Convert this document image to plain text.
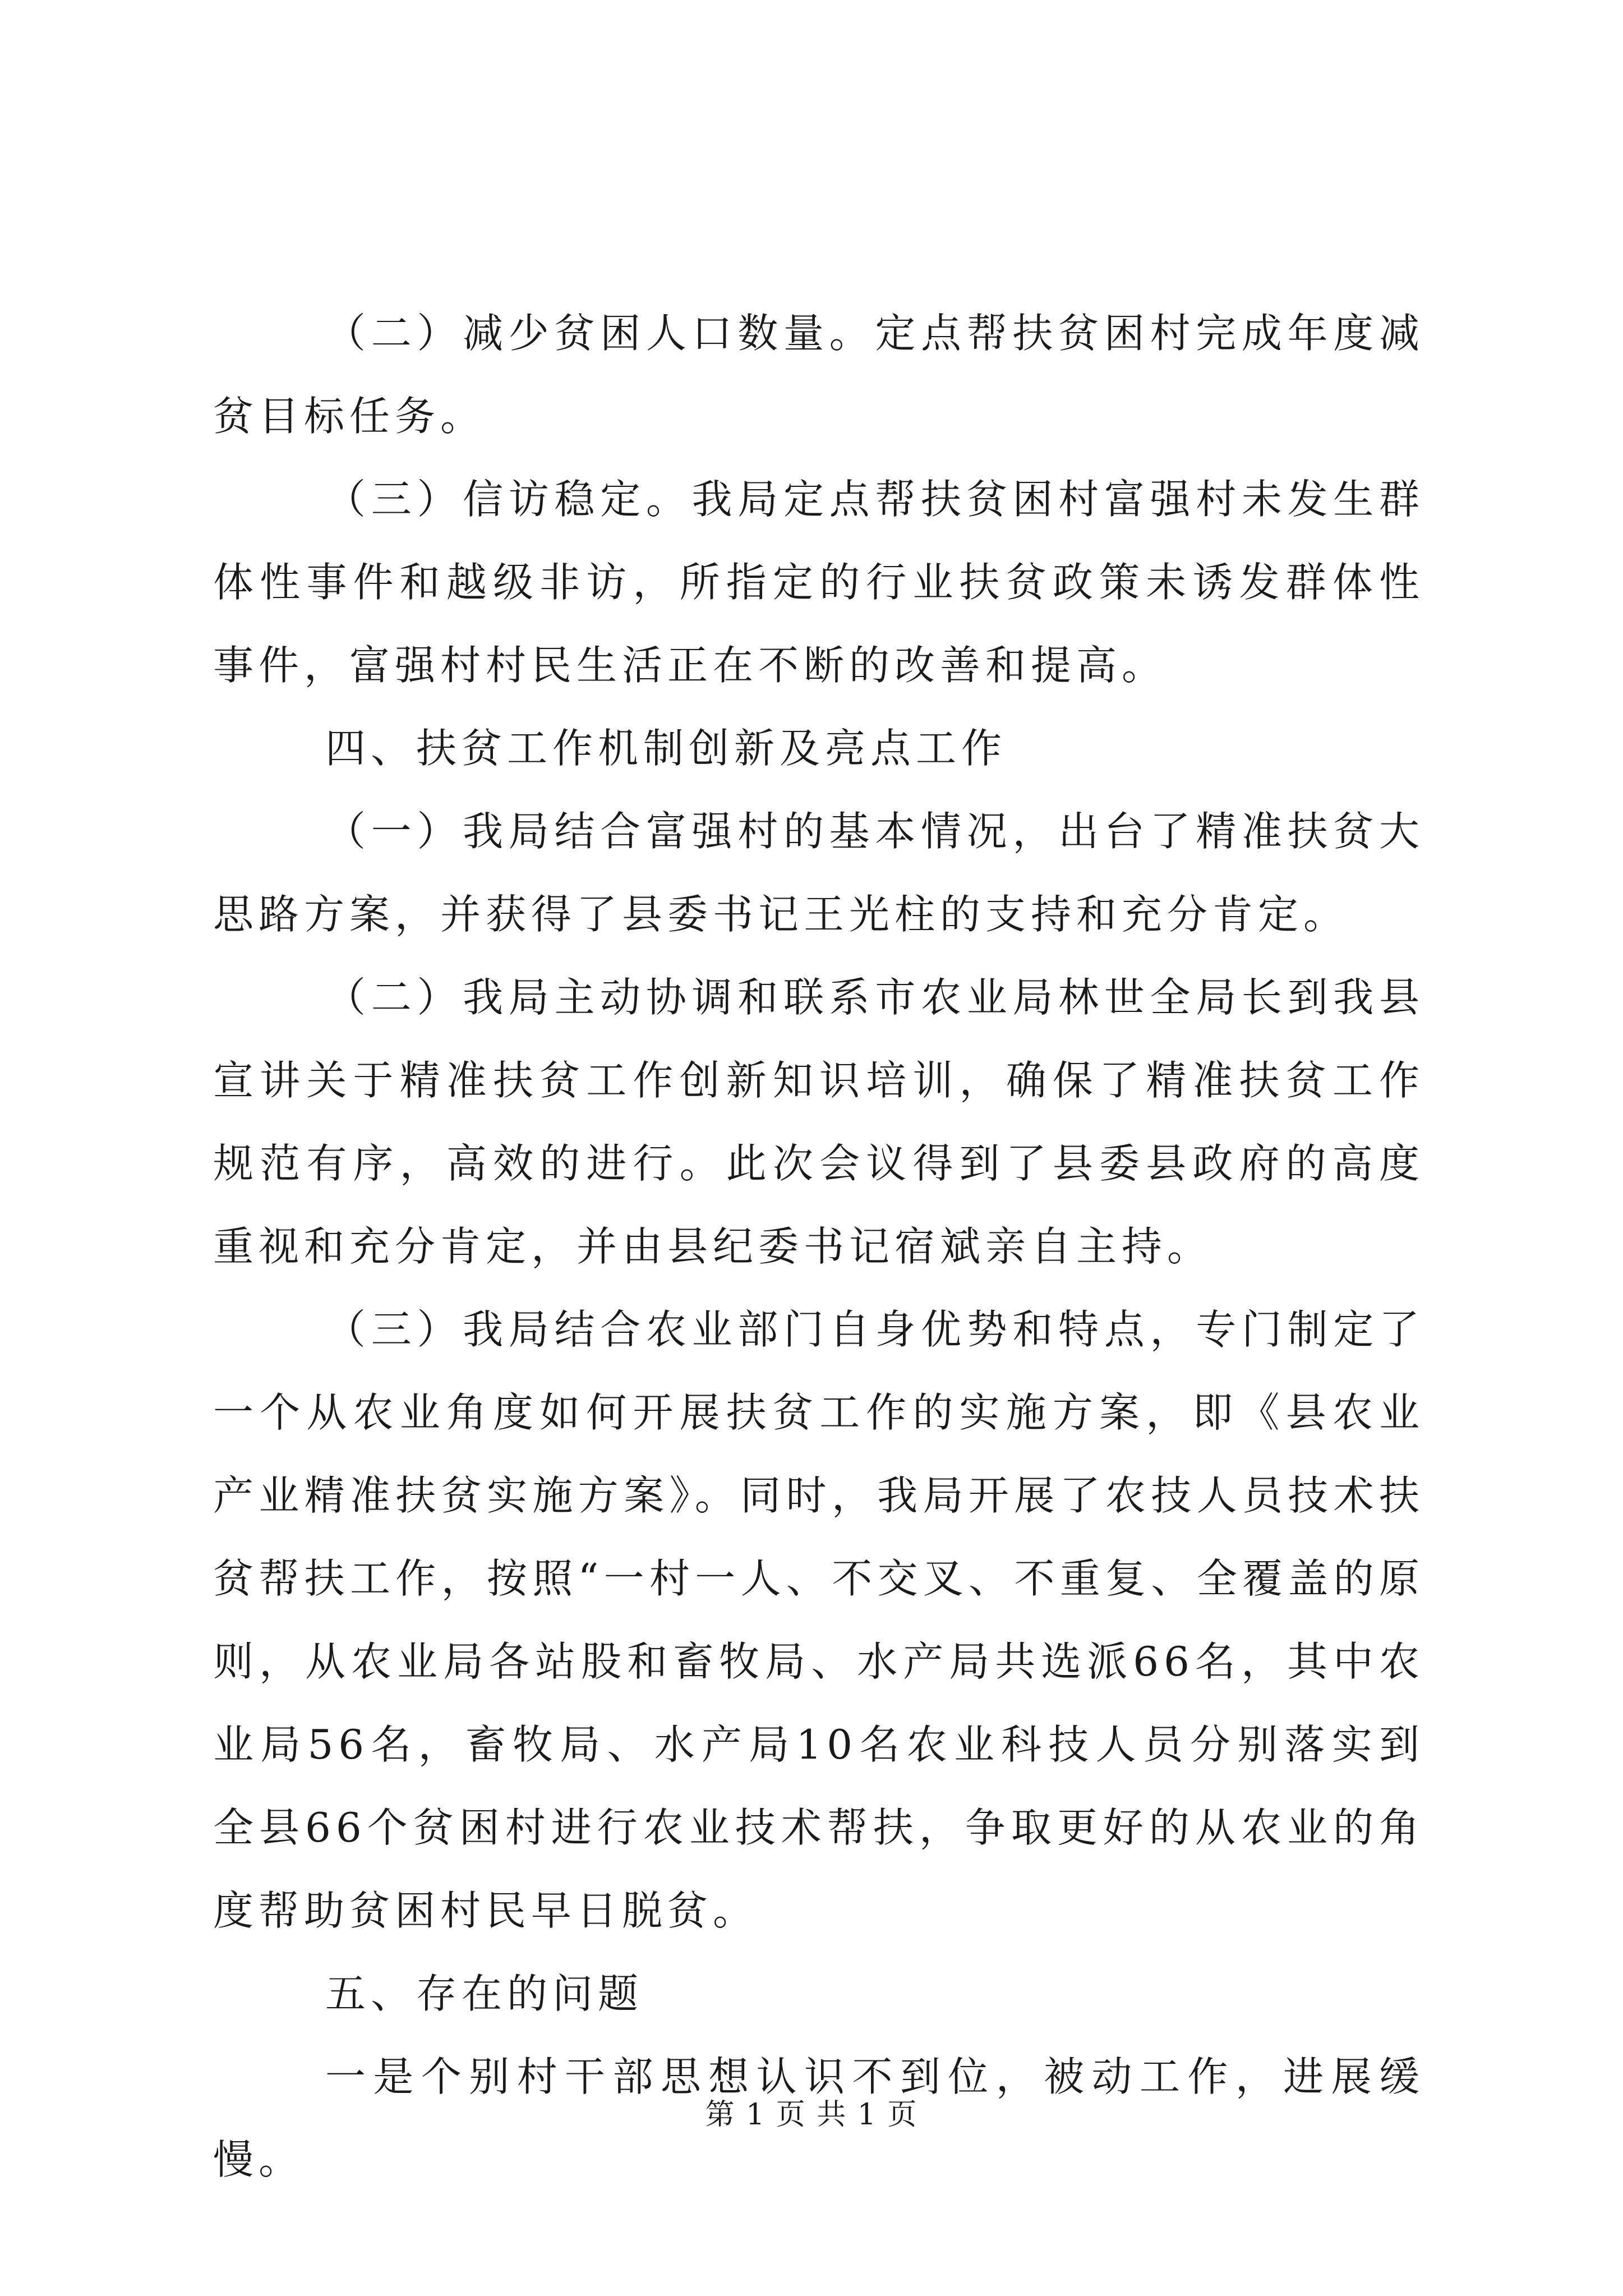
（二）减少贫困人口数量。定点帮扶贫困村完成年度减贫目标任务。

（三）信访稳定。我局定点帮扶贫困村富强村未发生群体性事件和越级非访，所指定的行业扶贫政策未诱发群体性事件，富强村村民生活正在不断的改善和提高。

四、扶贫工作机制创新及亮点工作

（一）我局结合富强村的基本情况，出台了精准扶贫大思路方案，并获得了县委书记王光柱的支持和充分肯定。

（二）我局主动协调和联系市农业局林世全局长到我县宣讲关于精准扶贫工作创新知识培训，确保了精准扶贫工作规范有序，高效的进行。此次会议得到了县委县政府的高度重视和充分肯定，并由县纪委书记宿斌亲自主持。

（三）我局结合农业部门自身优势和特点，专门制定了一个从农业角度如何开展扶贫工作的实施方案，即《县农业产业精准扶贫实施方案》。同时，我局开展了农技人员技术扶贫帮扶工作，按照“一村一人、不交叉、不重复、全覆盖的原则，从农业局各站股和畜牧局、水产局共选派66名，其中农业局56名，畜牧局、水产局10名农业科技人员分别落实到全县66个贫困村进行农业技术帮扶，争取更好的从农业的角度帮助贫困村民早日脱贫。

五、存在的问题

一是个别村干部思想认识不到位，被动工作，进展缓慢。

第 1 页 共 1 页
